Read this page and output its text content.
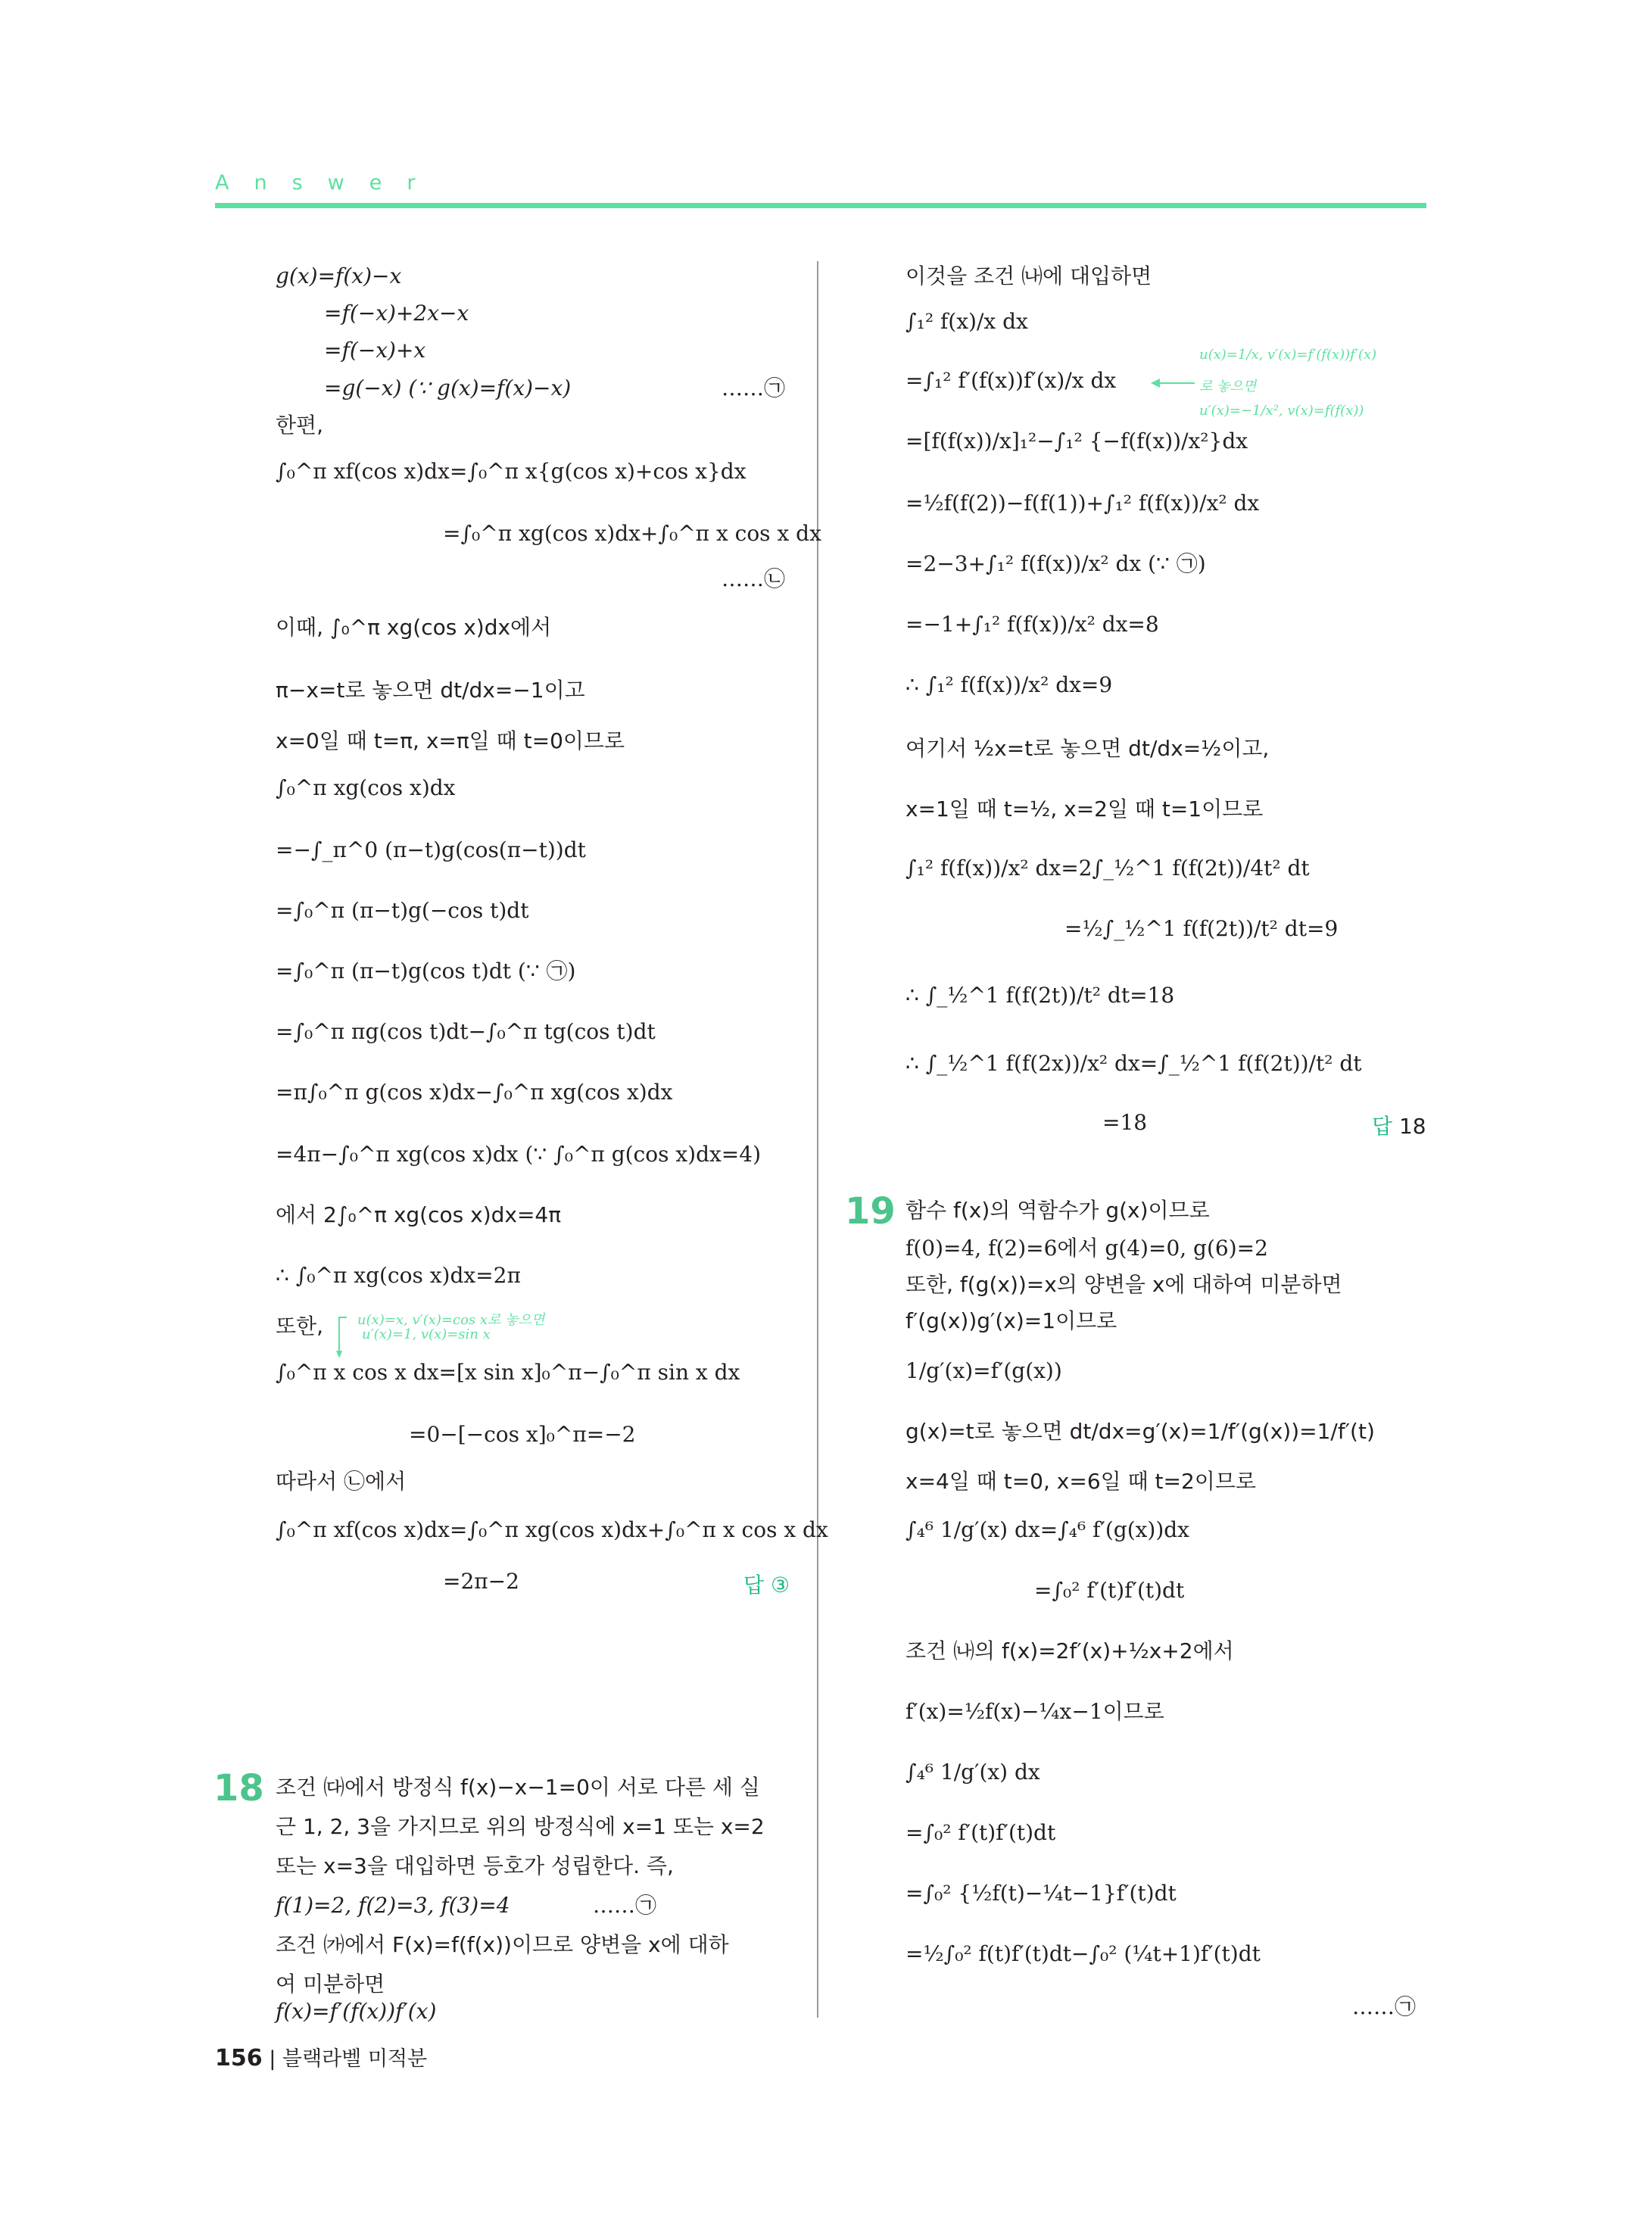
Answer
g(x)=f(x)−x
=f(−x)+2x−x
=f(−x)+x
=g(−x) (∵ g(x)=f(x)−x)	……㉠
한편,
∫₀^π xf(cos x)dx=∫₀^π x{g(cos x)+cos x}dx
=∫₀^π xg(cos x)dx+∫₀^π x cos x dx
……㉡
이때, ∫₀^π xg(cos x)dx에서
π−x=t로 놓으면 dt/dx=−1이고
x=0일 때 t=π, x=π일 때 t=0이므로
∫₀^π xg(cos x)dx
=−∫_π^0 (π−t)g(cos(π−t))dt
=∫₀^π (π−t)g(−cos t)dt
=∫₀^π (π−t)g(cos t)dt (∵ ㉠)
=∫₀^π πg(cos t)dt−∫₀^π tg(cos t)dt
=π∫₀^π g(cos x)dx−∫₀^π xg(cos x)dx
=4π−∫₀^π xg(cos x)dx (∵ ∫₀^π g(cos x)dx=4)
에서 2∫₀^π xg(cos x)dx=4π
∴ ∫₀^π xg(cos x)dx=2π
또한,	u(x)=x, v′(x)=cos x로 놓으면
u′(x)=1, v(x)=sin x
∫₀^π x cos x dx=[x sin x]₀^π−∫₀^π sin x dx
=0−[−cos x]₀^π=−2
따라서 ㉡에서
∫₀^π xf(cos x)dx=∫₀^π xg(cos x)dx+∫₀^π x cos x dx
=2π−2	답 ③
18 조건 ㈐에서 방정식 f(x)−x−1=0이 서로 다른 세 실
근 1, 2, 3을 가지므로 위의 방정식에 x=1 또는 x=2
또는 x=3을 대입하면 등호가 성립한다. 즉,
f(1)=2, f(2)=3, f(3)=4	……㉠
조건 ㈎에서 F(x)=f(f(x))이므로 양변을 x에 대하
여 미분하면
f(x)=f′(f(x))f′(x)
이것을 조건 ㈏에 대입하면
∫₁² f(x)/x dx
u(x)=1/x, v′(x)=f′(f(x))f′(x)
로 놓으면
u′(x)=−1/x², v(x)=f(f(x))
=∫₁² f′(f(x))f′(x)/x dx
=[f(f(x))/x]₁²−∫₁² {−f(f(x))/x²}dx
=½f(f(2))−f(f(1))+∫₁² f(f(x))/x² dx
=2−3+∫₁² f(f(x))/x² dx (∵ ㉠)
=−1+∫₁² f(f(x))/x² dx=8
∴ ∫₁² f(f(x))/x² dx=9
여기서 ½x=t로 놓으면 dt/dx=½이고,
x=1일 때 t=½, x=2일 때 t=1이므로
∫₁² f(f(x))/x² dx=2∫_½^1 f(f(2t))/4t² dt
=½∫_½^1 f(f(2t))/t² dt=9
∴ ∫_½^1 f(f(2t))/t² dt=18
∴ ∫_½^1 f(f(2x))/x² dx=∫_½^1 f(f(2t))/t² dt
=18	답 18
19 함수 f(x)의 역함수가 g(x)이므로
f(0)=4, f(2)=6에서 g(4)=0, g(6)=2
또한, f(g(x))=x의 양변을 x에 대하여 미분하면
f′(g(x))g′(x)=1이므로
1/g′(x)=f′(g(x))
g(x)=t로 놓으면 dt/dx=g′(x)=1/f′(g(x))=1/f′(t)
x=4일 때 t=0, x=6일 때 t=2이므로
∫₄⁶ 1/g′(x) dx=∫₄⁶ f′(g(x))dx
=∫₀² f′(t)f′(t)dt
조건 ㈏의 f(x)=2f′(x)+½x+2에서
f′(x)=½f(x)−¼x−1이므로
∫₄⁶ 1/g′(x) dx
=∫₀² f′(t)f′(t)dt
=∫₀² {½f(t)−¼t−1}f′(t)dt
=½∫₀² f(t)f′(t)dt−∫₀² (¼t+1)f′(t)dt
……㉠
156 | 블랙라벨 미적분
